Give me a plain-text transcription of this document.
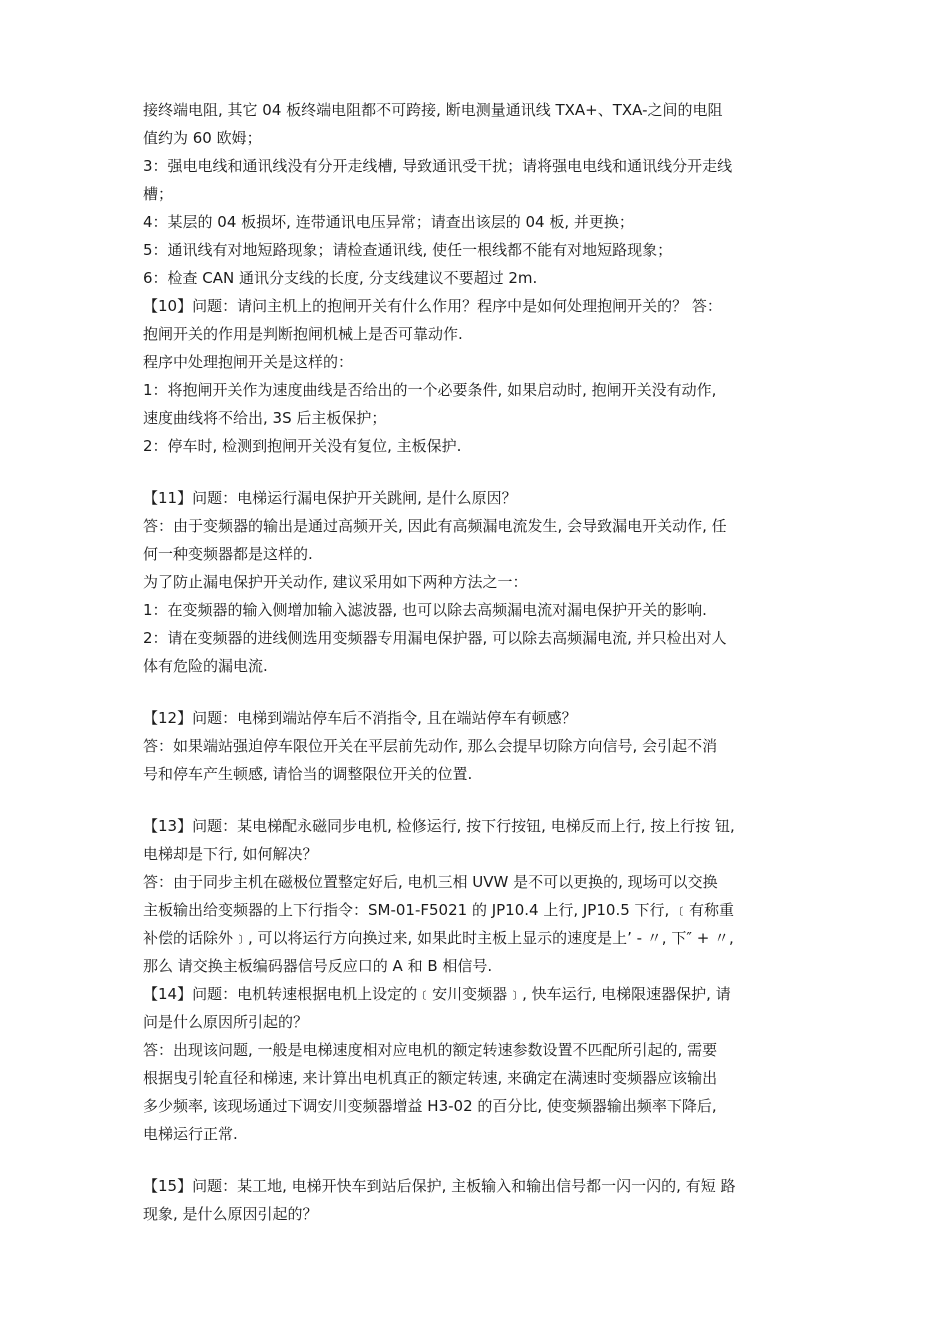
接终端电阻, 其它 04 板终端电阻都不可跨接, 断电测量通讯线 TXA+、TXA-之间的电阻
值约为 60 欧姆；
3：强电电线和通讯线没有分开走线槽, 导致通讯受干扰；请将强电电线和通讯线分开走线
槽；
4：某层的 04 板损坏, 连带通讯电压异常；请查出该层的 04 板, 并更换；
5：通讯线有对地短路现象；请检查通讯线, 使任一根线都不能有对地短路现象；
6：检查 CAN 通讯分支线的长度, 分支线建议不要超过 2m.
【10】问题：请问主机上的抱闸开关有什么作用？程序中是如何处理抱闸开关的？ 答：
抱闸开关的作用是判断抱闸机械上是否可靠动作.
程序中处理抱闸开关是这样的：
1：将抱闸开关作为速度曲线是否给出的一个必要条件, 如果启动时, 抱闸开关没有动作,
速度曲线将不给出, 3S 后主板保护；
2：停车时, 检测到抱闸开关没有复位, 主板保护.
【11】问题：电梯运行漏电保护开关跳闸, 是什么原因？
答：由于变频器的输出是通过高频开关, 因此有高频漏电流发生, 会导致漏电开关动作, 任
何一种变频器都是这样的.
为了防止漏电保护开关动作, 建议采用如下两种方法之一：
1：在变频器的输入侧增加输入滤波器, 也可以除去高频漏电流对漏电保护开关的影响.
2：请在变频器的进线侧选用变频器专用漏电保护器, 可以除去高频漏电流, 并只检出对人
体有危险的漏电流.
【12】问题：电梯到端站停车后不消指令, 且在端站停车有顿感？
答：如果端站强迫停车限位开关在平层前先动作, 那么会提早切除方向信号, 会引起不消
号和停车产生顿感, 请恰当的调整限位开关的位置.
【13】问题：某电梯配永磁同步电机, 检修运行, 按下行按钮, 电梯反而上行, 按上行按 钮,
电梯却是下行, 如何解决？
答：由于同步主机在磁极位置整定好后, 电机三相 UVW 是不可以更换的, 现场可以交换
主板输出给变频器的上下行指令：SM-01-F5021 的 JP10.4 上行, JP10.5 下行, ﹝有称重
补偿的话除外﹞, 可以将运行方向换过来, 如果此时主板上显示的速度是上’ - 〃, 下″ + 〃,
那么 请交换主板编码器信号反应口的 A 和 B 相信号.
【14】问题：电机转速根据电机上设定的﹝安川变频器﹞, 快车运行, 电梯限速器保护, 请
问是什么原因所引起的？
答：出现该问题, 一般是电梯速度相对应电机的额定转速参数设置不匹配所引起的, 需要
根据曳引轮直径和梯速, 来计算出电机真正的额定转速, 来确定在满速时变频器应该输出
多少频率, 该现场通过下调安川变频器增益 H3-02 的百分比, 使变频器输出频率下降后,
电梯运行正常.
【15】问题：某工地, 电梯开快车到站后保护, 主板输入和输出信号都一闪一闪的, 有短 路
现象, 是什么原因引起的？
